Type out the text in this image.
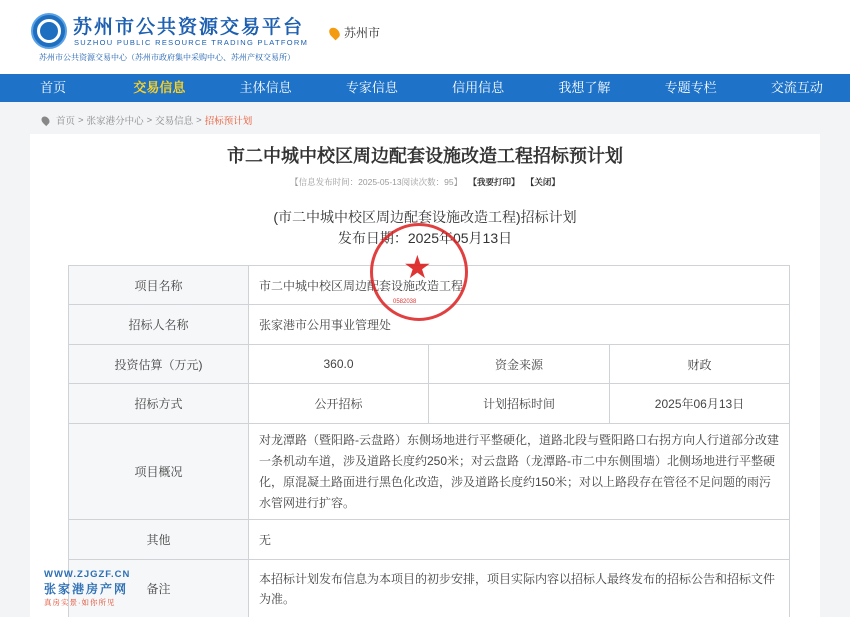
苏州市公共资源交易平台
SUZHOU PUBLIC RESOURCE TRADING PLATFORM
苏州市公共资源交易中心（苏州市政府集中采购中心、苏州产权交易所）
苏州市
首页	交易信息	主体信息	专家信息	信用信息	我想了解	专题专栏	交流互动
首页 > 张家港分中心 > 交易信息 > 招标预计划
市二中城中校区周边配套设施改造工程招标预计划
【信息发布时间：2025-05-13阅读次数：95】 【我要打印】 【关闭】
(市二中城中校区周边配套设施改造工程)招标计划
发布日期：2025年05月13日
项目名称	市二中城中校区周边配套设施改造工程		
招标人名称	张家港市公用事业管理处		
投资估算（万元)	360.0	资金来源	财政
招标方式	公开招标	计划招标时间	2025年06月13日
项目概况	对龙潭路（暨阳路-云盘路）东侧场地进行平整硬化，道路北段与暨阳路口右拐方向人行道部分改建一条机动车道，涉及道路长度约250米；对云盘路（龙潭路-市二中东侧围墙）北侧场地进行平整硬化，原混凝土路面进行黑色化改造，涉及道路长度约150米；对以上路段存在管径不足问题的雨污水管网进行扩容。		
其他	无		
备注	本招标计划发布信息为本项目的初步安排，项目实际内容以招标人最终发布的招标公告和招标文件为准。		
★
0582038
WWW.ZJGZF.CN
张家港房产网
真房实景·如你所见
